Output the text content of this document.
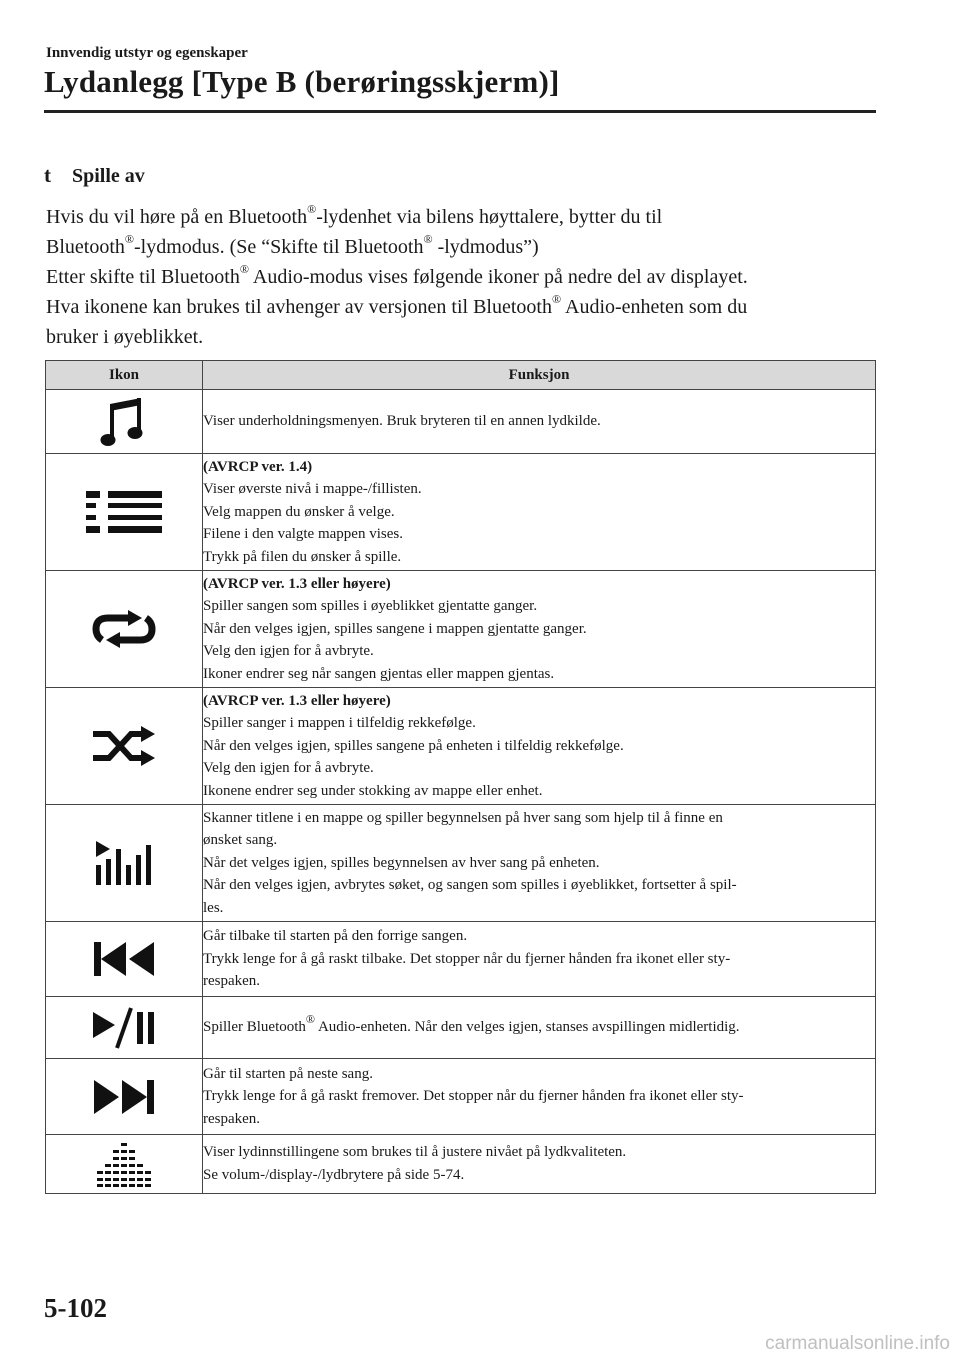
Innvendig utstyr og egenskaper
Lydanlegg [Type B (berøringsskjerm)]
t Spille av

Hvis du vil høre på en Bluetooth®-lydenhet via bilens høyttalere, bytter du til

Bluetooth®-lydmodus. (Se “Skifte til Bluetooth® -lydmodus”)

Etter skifte til Bluetooth® Audio-modus vises følgende ikoner på nedre del av displayet.

Hva ikonene kan brukes til avhenger av versjonen til Bluetooth® Audio-enheten som du

bruker i øyeblikket.

Ikon	Funksjon

Viser underholdningsmenyen. Bruk bryteren til en annen lydkilde.

(AVRCP ver. 1.4)
Viser øverste nivå i mappe-/fillisten.
Velg mappen du ønsker å velge.
Filene i den valgte mappen vises.
Trykk på filen du ønsker å spille.

(AVRCP ver. 1.3 eller høyere)
Spiller sangen som spilles i øyeblikket gjentatte ganger.
Når den velges igjen, spilles sangene i mappen gjentatte ganger.
Velg den igjen for å avbryte.
Ikoner endrer seg når sangen gjentas eller mappen gjentas.

(AVRCP ver. 1.3 eller høyere)
Spiller sanger i mappen i tilfeldig rekkefølge.
Når den velges igjen, spilles sangene på enheten i tilfeldig rekkefølge.
Velg den igjen for å avbryte.
Ikonene endrer seg under stokking av mappe eller enhet.

Skanner titlene i en mappe og spiller begynnelsen på hver sang som hjelp til å finne en
ønsket sang.
Når det velges igjen, spilles begynnelsen av hver sang på enheten.
Når den velges igjen, avbrytes søket, og sangen som spilles i øyeblikket, fortsetter å spil-
les.

Går tilbake til starten på den forrige sangen.
Trykk lenge for å gå raskt tilbake. Det stopper når du fjerner hånden fra ikonet eller sty-
respaken.

Spiller Bluetooth® Audio-enheten. Når den velges igjen, stanses avspillingen midlertidig.

Går til starten på neste sang.
Trykk lenge for å gå raskt fremover. Det stopper når du fjerner hånden fra ikonet eller sty-
respaken.

Viser lydinnstillingene som brukes til å justere nivået på lydkvaliteten.
Se volum-/display-/lydbrytere på side 5-74.
5-102
carmanualsonline.info
